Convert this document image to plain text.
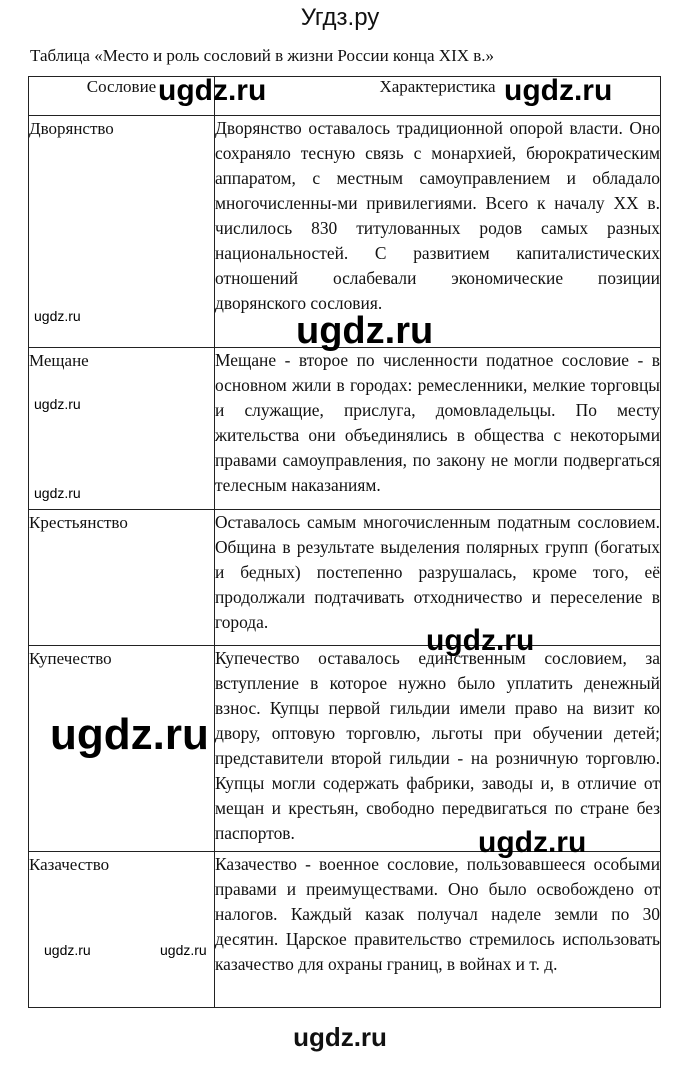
Угдз.ру
Таблица «Место и роль сословий в жизни России конца XIX в.»
Сословие	Характеристика
Дворянство	Дворянство оставалось традиционной опорой власти. Оно сохраняло тесную связь с монархией, бюрократическим аппаратом, с местным самоуправлением и обладало многочисленны-ми привилегиями. Всего к началу XX в. числилось 830 титулованных родов самых разных национальностей. С развитием капиталистических отношений ослабевали экономические позиции дворянского сословия.
Мещане	Мещане - второе по численности податное сословие - в основном жили в городах: ремесленники, мелкие торговцы и служащие, прислуга, домовладельцы. По месту жительства они объединялись в общества с некоторыми правами самоуправления, по закону не могли подвергаться телесным наказаниям.
Крестьянство	Оставалось самым многочисленным податным сословием. Община в результате выделения полярных групп (богатых и бедных) постепенно разрушалась, кроме того, её продолжали подтачивать отходничество и переселение в города.
Купечество	Купечество оставалось единственным сословием, за вступление в которое нужно было уплатить денежный взнос. Купцы первой гильдии имели право на визит ко двору, оптовую торговлю, льготы при обучении детей; представители второй гильдии - на розничную торговлю. Купцы могли содержать фабрики, заводы и, в отличие от мещан и крестьян, свободно передвигаться по стране без паспортов.
Казачество	Казачество - военное сословие, пользовавшееся особыми правами и преимуществами. Оно было освобождено от налогов. Каждый казак получал наделе земли по 30 десятин. Царское правительство стремилось использовать казачество для охраны границ, в войнах и т. д.
ugdz.ru	ugdz.ru
ugdz.ru	ugdz.ru
ugdz.ru
ugdz.ru
ugdz.ru
ugdz.ru
ugdz.ru
ugdz.ru	ugdz.ru
ugdz.ru
